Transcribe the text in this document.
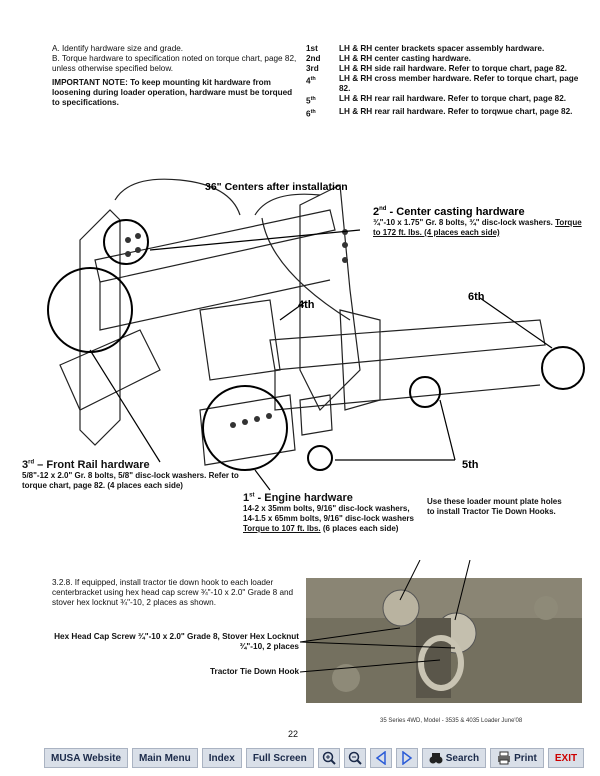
A. Identify hardware size and grade.
B. Torque hardware to specification noted on torque chart, page 82, unless otherwise specified below.
IMPORTANT NOTE: To keep mounting kit hardware from loosening during loader operation, hardware must be torqued to specifications.
1st	LH & RH center brackets spacer assembly hardware.
2nd	LH & RH center casting hardware.
3rd	LH & RH side rail hardware. Refer to torque chart, page 82.
4th	LH & RH cross member hardware. Refer to torque chart, page 82.
5th	LH & RH rear rail hardware. Refer to torque chart, page 82.
6th	LH & RH rear rail hardware. Refer to torqwue chart, page 82.
36" Centers after installation
2nd - Center casting hardware
4th
6th
5th
¾"-10 x 1.75" Gr. 8 bolts, ¾" disc-lock washers. Torque to 172 ft. lbs. (4 places each side)
3rd – Front Rail hardware
5/8"-12 x 2.0" Gr. 8 bolts, 5/8" disc-lock washers. Refer to torque chart, page 82. (4 places each side)
1st - Engine hardware
14-2 x 35mm bolts, 9/16" disc-lock washers, 14-1.5 x 65mm bolts, 9/16" disc-lock washers Torque to 107 ft. lbs. (6 places each side)
Use these loader mount plate holes to install Tractor Tie Down Hooks.
3.2.8. If equipped, install tractor tie down hook to each loader centerbracket using hex head cap screw ¾"-10 x 2.0" Grade 8 and stover hex locknut ¾"-10, 2 places as shown.
Hex Head Cap Screw ¾"-10 x 2.0" Grade 8, Stover Hex Locknut ¾"-10, 2 places
Tractor Tie Down Hook
35 Series 4WD, Model - 3535 & 4035 Loader June'08
22
MUSA Website	Main Menu	Index	Full Screen	Search	Print	EXIT
